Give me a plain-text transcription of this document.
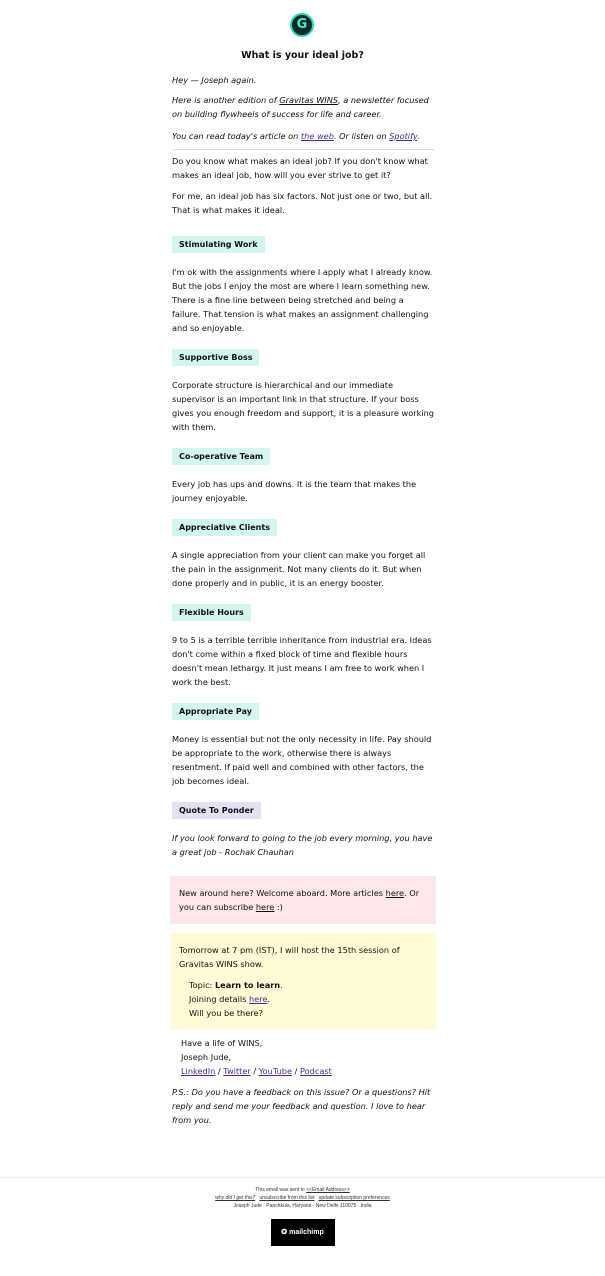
G
What is your ideal job?

Hey — Joseph again.

Here is another edition of Gravitas WINS, a newsletter focused on building flywheels of success for life and career.

You can read today's article on the web. Or listen on Spotify.

Do you know what makes an ideal job? If you don't know what makes an ideal job, how will you ever strive to get it?

For me, an ideal job has six factors. Not just one or two, but all. That is what makes it ideal.

Stimulating Work

I'm ok with the assignments where I apply what I already know. But the jobs I enjoy the most are where I learn something new. There is a fine line between being stretched and being a failure. That tension is what makes an assignment challenging and so enjoyable.

Supportive Boss

Corporate structure is hierarchical and our immediate supervisor is an important link in that structure. If your boss gives you enough freedom and support, it is a pleasure working with them.

Co-operative Team

Every job has ups and downs. It is the team that makes the journey enjoyable.

Appreciative Clients

A single appreciation from your client can make you forget all the pain in the assignment. Not many clients do it. But when done properly and in public, it is an energy booster.

Flexible Hours

9 to 5 is a terrible terrible inheritance from industrial era. Ideas don't come within a fixed block of time and flexible hours doesn't mean lethargy. It just means I am free to work when I work the best.

Appropriate Pay

Money is essential but not the only necessity in life. Pay should be appropriate to the work, otherwise there is always resentment. If paid well and combined with other factors, the job becomes ideal.

Quote To Ponder

If you look forward to going to the job every morning, you have a great job - Rochak Chauhan

New around here? Welcome aboard. More articles here. Or you can subscribe here :)

Tomorrow at 7 pm (IST), I will host the 15th session of Gravitas WINS show.

Topic: Learn to learn.

Joining details here.

Will you be there?

Have a life of WINS,

Joseph Jude,

LinkedIn / Twitter / YouTube / Podcast

P.S.: Do you have a feedback on this issue? Or a questions? Hit reply and send me your feedback and question. I love to hear from you.

This email was sent to <<Email Address>>
why did I get this? unsubscribe from this list update subscription preferences
Joseph Jude · Panchkula, Haryana · New Delhi 110075 · India
✪ mailchimp
